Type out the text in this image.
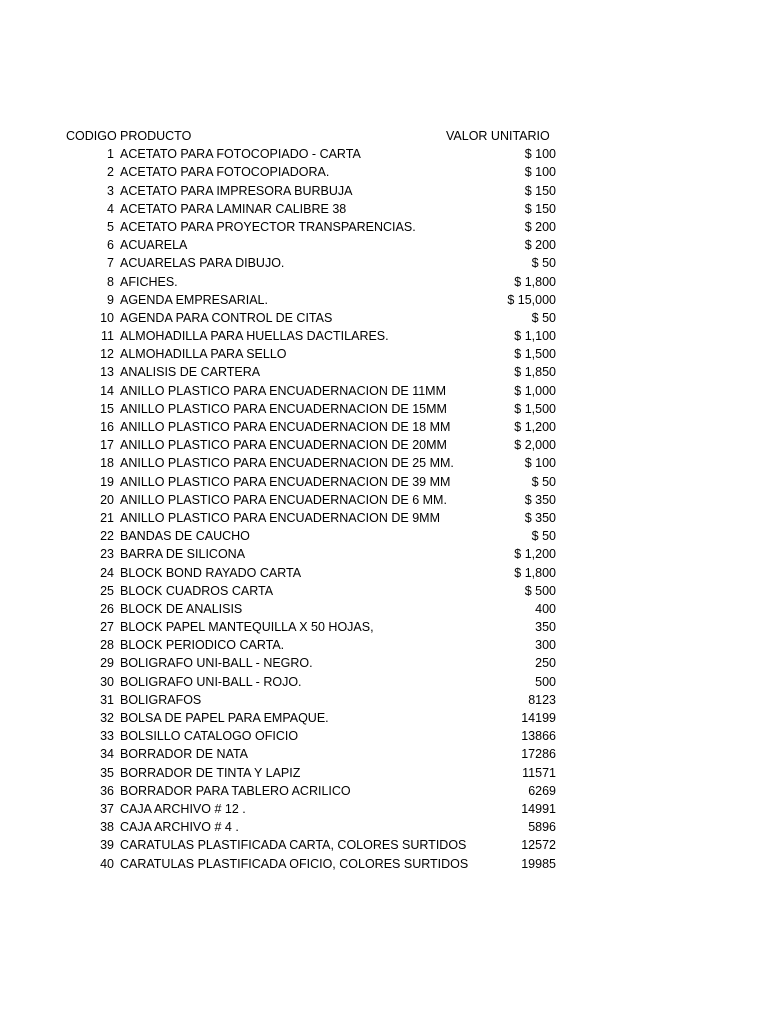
CODIGO PRODUCTO	VALOR UNITARIO
1 ACETATO PARA FOTOCOPIADO - CARTA	$ 100
2 ACETATO PARA FOTOCOPIADORA.	$ 100
3 ACETATO PARA IMPRESORA BURBUJA	$ 150
4 ACETATO PARA LAMINAR CALIBRE 38	$ 150
5 ACETATO PARA PROYECTOR TRANSPARENCIAS.	$ 200
6 ACUARELA	$ 200
7 ACUARELAS PARA DIBUJO.	$ 50
8 AFICHES.	$ 1,800
9 AGENDA EMPRESARIAL.	$ 15,000
10 AGENDA PARA CONTROL DE CITAS	$ 50
11 ALMOHADILLA PARA HUELLAS DACTILARES.	$ 1,100
12 ALMOHADILLA PARA SELLO	$ 1,500
13 ANALISIS DE CARTERA	$ 1,850
14 ANILLO PLASTICO PARA ENCUADERNACION DE 11MM	$ 1,000
15 ANILLO PLASTICO PARA ENCUADERNACION DE 15MM	$ 1,500
16 ANILLO PLASTICO PARA ENCUADERNACION DE 18 MM	$ 1,200
17 ANILLO PLASTICO PARA ENCUADERNACION DE 20MM	$ 2,000
18 ANILLO PLASTICO PARA ENCUADERNACION DE 25 MM.	$ 100
19 ANILLO PLASTICO PARA ENCUADERNACION DE 39 MM	$ 50
20 ANILLO PLASTICO PARA ENCUADERNACION DE 6 MM.	$ 350
21 ANILLO PLASTICO PARA ENCUADERNACION DE 9MM	$ 350
22 BANDAS DE CAUCHO	$ 50
23 BARRA DE SILICONA	$ 1,200
24 BLOCK BOND RAYADO CARTA	$ 1,800
25 BLOCK CUADROS CARTA	$ 500
26 BLOCK DE ANALISIS	400
27 BLOCK PAPEL MANTEQUILLA X 50 HOJAS,	350
28 BLOCK PERIODICO CARTA.	300
29 BOLIGRAFO UNI-BALL - NEGRO.	250
30 BOLIGRAFO UNI-BALL - ROJO.	500
31 BOLIGRAFOS	8123
32 BOLSA DE PAPEL PARA EMPAQUE.	14199
33 BOLSILLO CATALOGO OFICIO	13866
34 BORRADOR DE NATA	17286
35 BORRADOR DE TINTA Y LAPIZ	11571
36 BORRADOR PARA TABLERO ACRILICO	6269
37 CAJA ARCHIVO # 12 .	14991
38 CAJA ARCHIVO # 4 .	5896
39 CARATULAS PLASTIFICADA CARTA, COLORES SURTIDOS	12572
40 CARATULAS PLASTIFICADA OFICIO, COLORES SURTIDOS	19985
